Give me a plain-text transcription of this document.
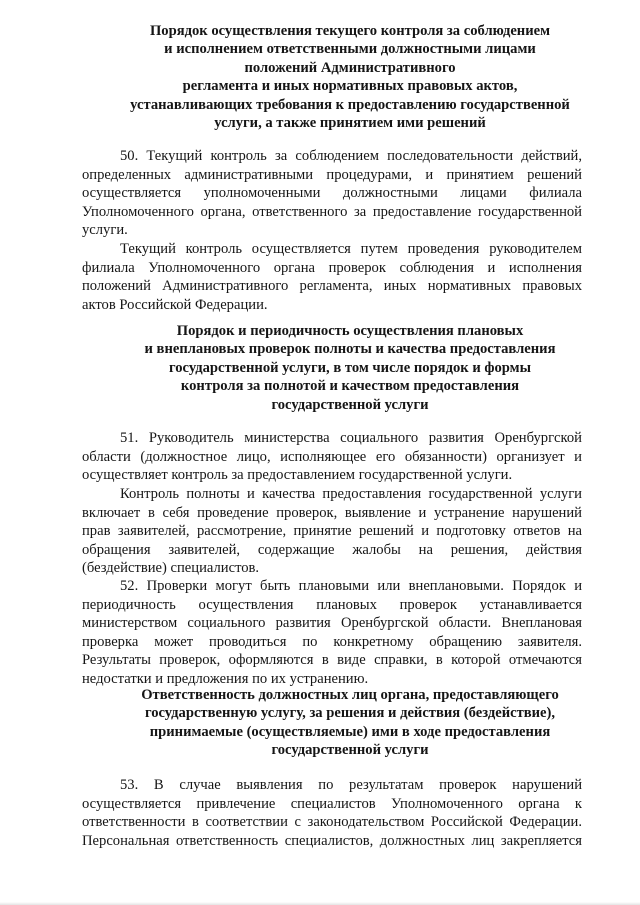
Порядок осуществления текущего контроля за соблюдением
и исполнением ответственными должностными лицами
положений Административного
регламента и иных нормативных правовых актов,
устанавливающих требования к предоставлению государственной
услуги, а также принятием ими решений
50. Текущий контроль за соблюдением последовательности действий,
определенных административными процедурами, и принятием решений
осуществляется уполномоченными должностными лицами филиала
Уполномоченного органа, ответственного за предоставление государственной
услуги.
Текущий контроль осуществляется путем проведения руководителем
филиала Уполномоченного органа проверок соблюдения и исполнения
положений Административного регламента, иных нормативных правовых
актов Российской Федерации.
Порядок и периодичность осуществления плановых
и внеплановых проверок полноты и качества предоставления
государственной услуги, в том числе порядок и формы
контроля за полнотой и качеством предоставления
государственной услуги
51. Руководитель министерства социального развития Оренбургской
области (должностное лицо, исполняющее его обязанности) организует и
осуществляет контроль за предоставлением государственной услуги.
Контроль полноты и качества предоставления государственной услуги
включает в себя проведение проверок, выявление и устранение нарушений
прав заявителей, рассмотрение, принятие решений и подготовку ответов на
обращения заявителей, содержащие жалобы на решения, действия
(бездействие) специалистов.
52. Проверки могут быть плановыми или внеплановыми. Порядок и
периодичность осуществления плановых проверок устанавливается
министерством социального развития Оренбургской области. Внеплановая
проверка может проводиться по конкретному обращению заявителя.
Результаты проверок, оформляются в виде справки, в которой отмечаются
недостатки и предложения по их устранению.
Ответственность должностных лиц органа, предоставляющего
государственную услугу, за решения и действия (бездействие),
принимаемые (осуществляемые) ими в ходе предоставления
государственной услуги
53. В случае выявления по результатам проверок нарушений
осуществляется привлечение специалистов Уполномоченного органа к
ответственности в соответствии с законодательством Российской Федерации.
Персональная ответственность специалистов, должностных лиц закрепляется
